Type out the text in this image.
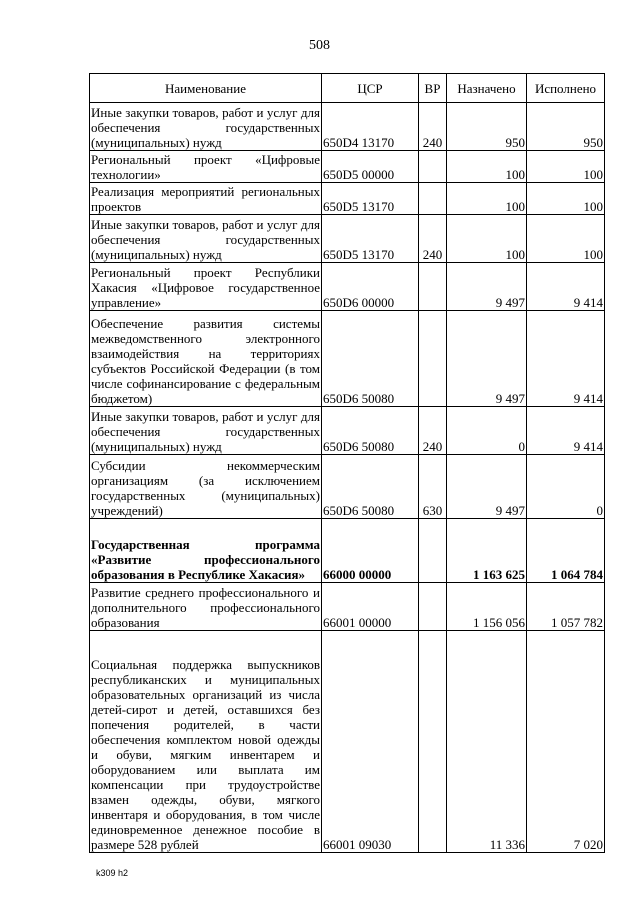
508
Наименование	ЦСР	ВР	Назначено	Исполнено
Иные закупки товаров, работ и услуг для обеспечения государственных (муниципальных) нужд	650D4 13170	240	950	950
Региональный проект «Цифровые технологии»	650D5 00000		100	100
Реализация мероприятий региональных проектов	650D5 13170		100	100
Иные закупки товаров, работ и услуг для обеспечения государственных (муниципальных) нужд	650D5 13170	240	100	100
Региональный проект Республики Хакасия «Цифровое государственное управление»	650D6 00000		9 497	9 414
Обеспечение развития системы межведомственного электронного взаимодействия на территориях субъектов Российской Федерации (в том числе софинансирование с федеральным бюджетом)	650D6 50080		9 497	9 414
Иные закупки товаров, работ и услуг для обеспечения государственных (муниципальных) нужд	650D6 50080	240	0	9 414
Субсидии некоммерческим организациям (за исключением государственных (муниципальных) учреждений)	650D6 50080	630	9 497	0
Государственная программа «Развитие профессионального образования в Республике Хакасия»	66000 00000		1 163 625	1 064 784
Развитие среднего профессионального и дополнительного профессионального образования	66001 00000		1 156 056	1 057 782
Социальная поддержка выпускников республиканских и муниципальных образовательных организаций из числа детей-сирот и детей, оставшихся без попечения родителей, в части обеспечения комплектом новой одежды и обуви, мягким инвентарем и оборудованием или выплата им компенсации при трудоустройстве взамен одежды, обуви, мягкого инвентаря и оборудования, в том числе единовременное денежное пособие в размере 528 рублей	66001 09030		11 336	7 020
k309 h2
